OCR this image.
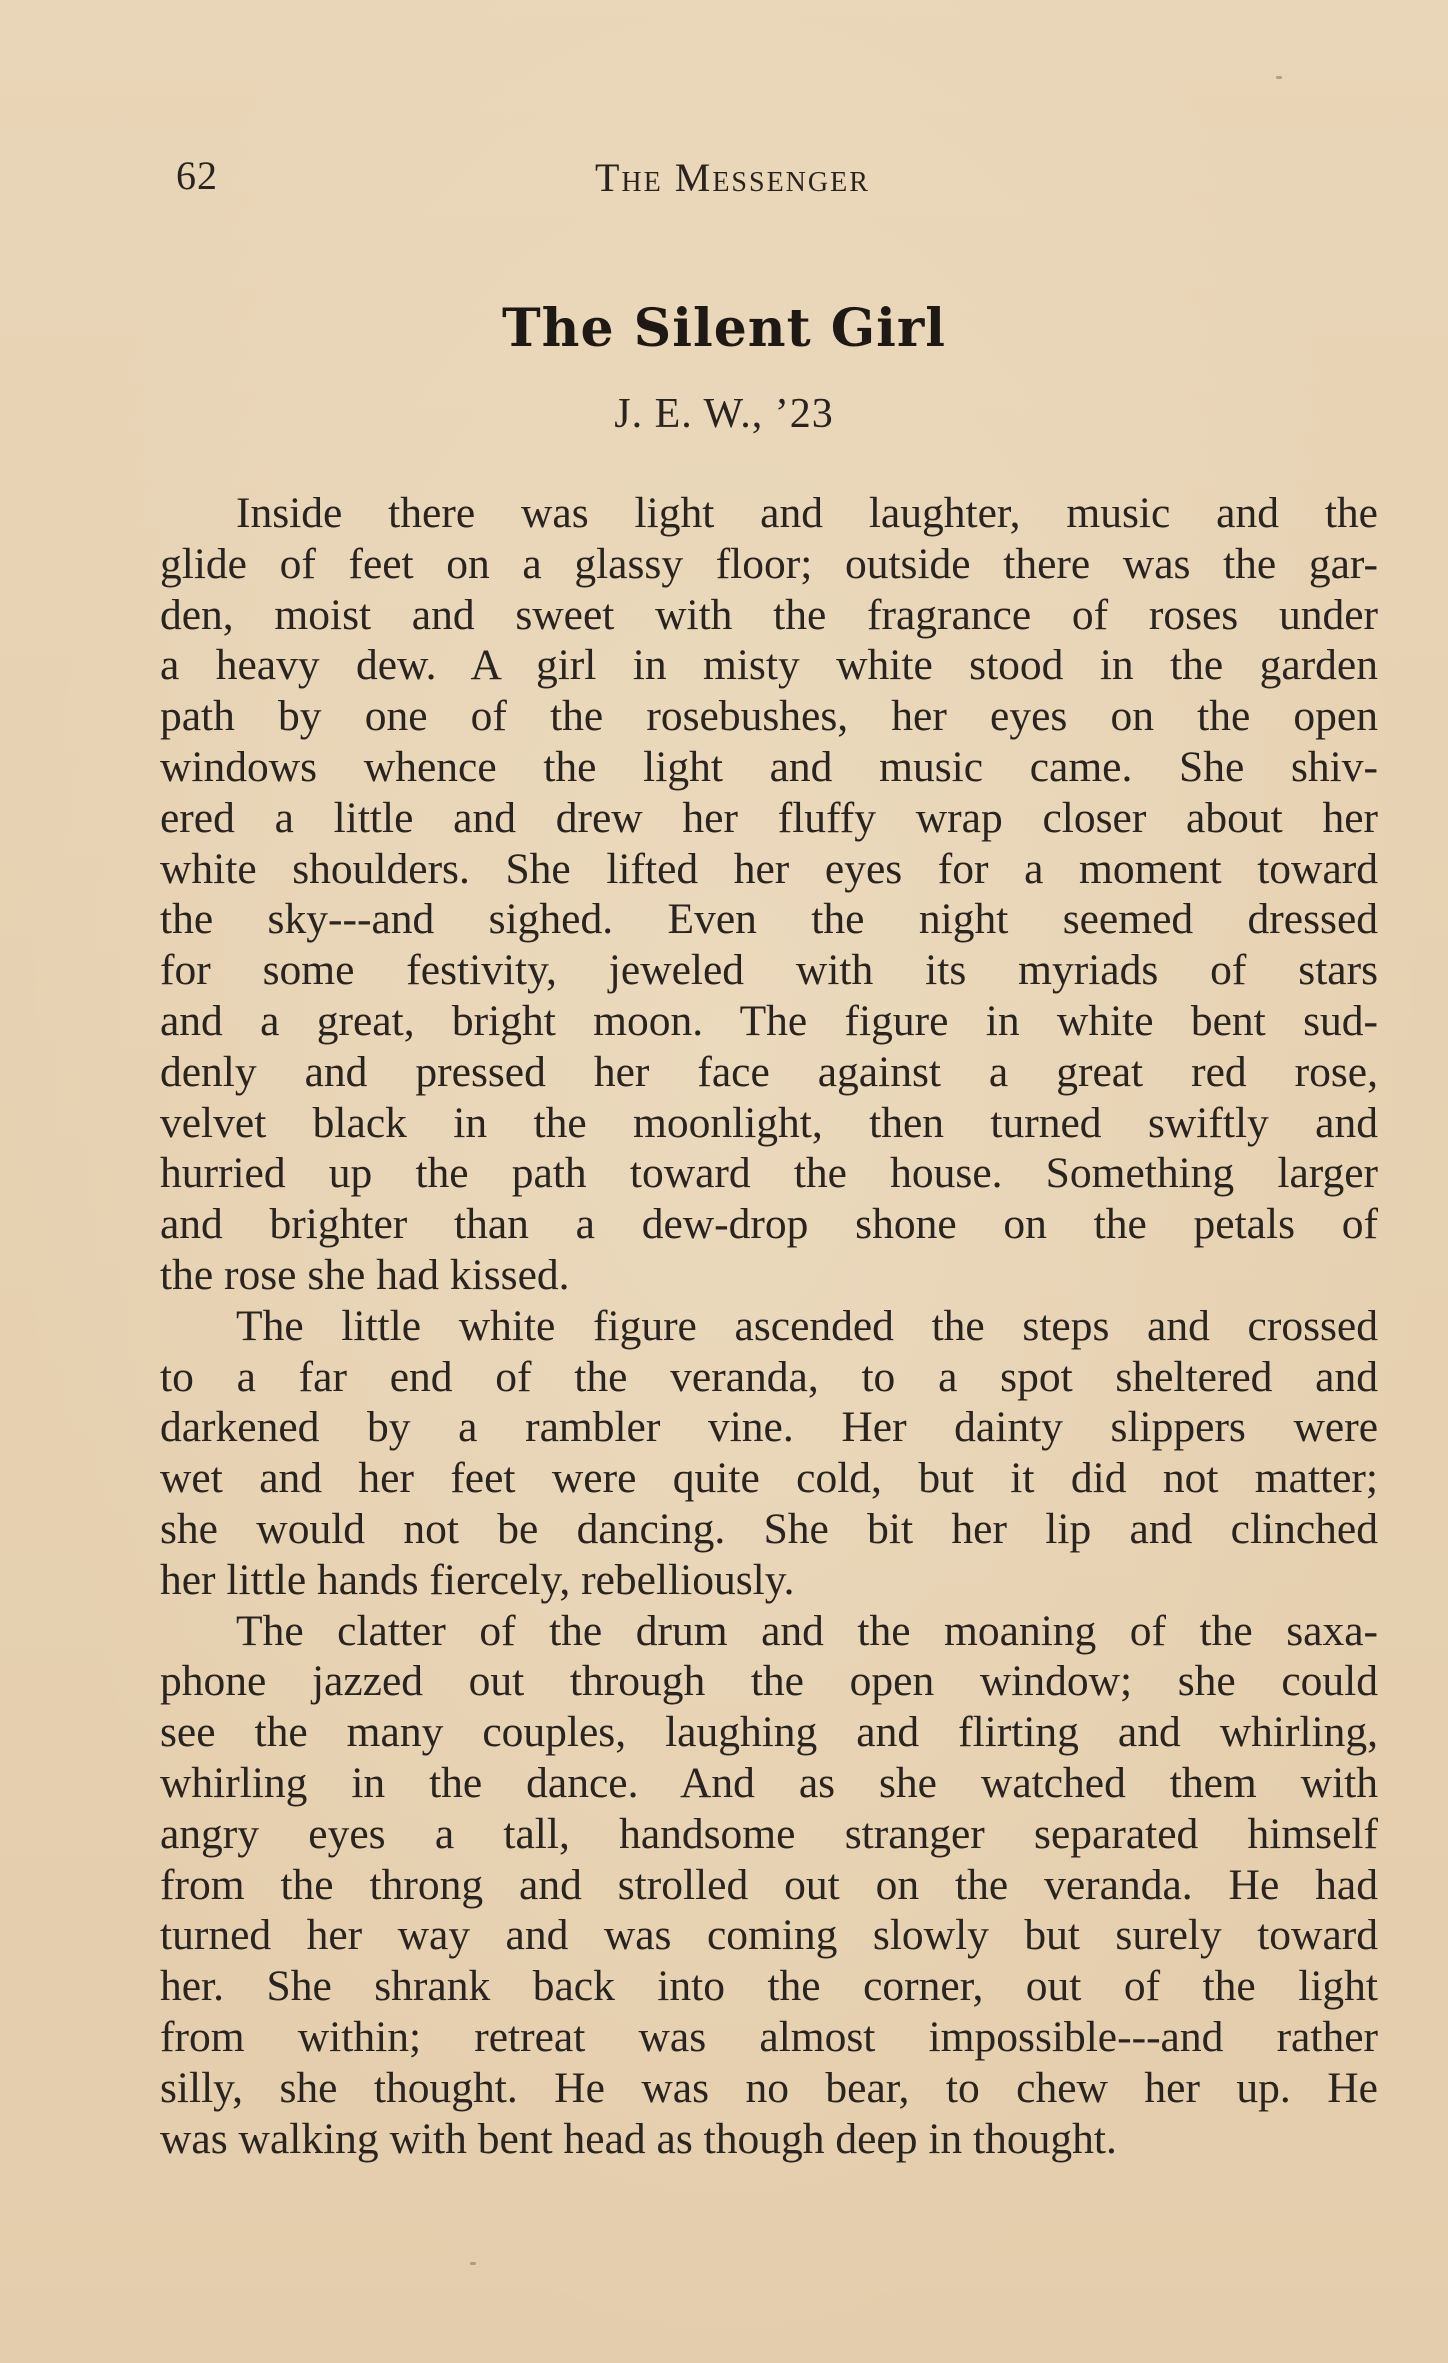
62	The Messenger
The Silent Girl
J. E. W., ’23
Inside there was light and laughter, music and the
glide of feet on a glassy floor; outside there was the gar-
den, moist and sweet with the fragrance of roses under
a heavy dew. A girl in misty white stood in the garden
path by one of the rosebushes, her eyes on the open
windows whence the light and music came. She shiv-
ered a little and drew her fluffy wrap closer about her
white shoulders. She lifted her eyes for a moment toward
the sky---and sighed. Even the night seemed dressed
for some festivity, jeweled with its myriads of stars
and a great, bright moon. The figure in white bent sud-
denly and pressed her face against a great red rose,
velvet black in the moonlight, then turned swiftly and
hurried up the path toward the house. Something larger
and brighter than a dew-drop shone on the petals of
the rose she had kissed.
The little white figure ascended the steps and crossed
to a far end of the veranda, to a spot sheltered and
darkened by a rambler vine. Her dainty slippers were
wet and her feet were quite cold, but it did not matter;
she would not be dancing. She bit her lip and clinched
her little hands fiercely, rebelliously.
The clatter of the drum and the moaning of the saxa-
phone jazzed out through the open window; she could
see the many couples, laughing and flirting and whirling,
whirling in the dance. And as she watched them with
angry eyes a tall, handsome stranger separated himself
from the throng and strolled out on the veranda. He had
turned her way and was coming slowly but surely toward
her. She shrank back into the corner, out of the light
from within; retreat was almost impossible---and rather
silly, she thought. He was no bear, to chew her up. He
was walking with bent head as though deep in thought.
